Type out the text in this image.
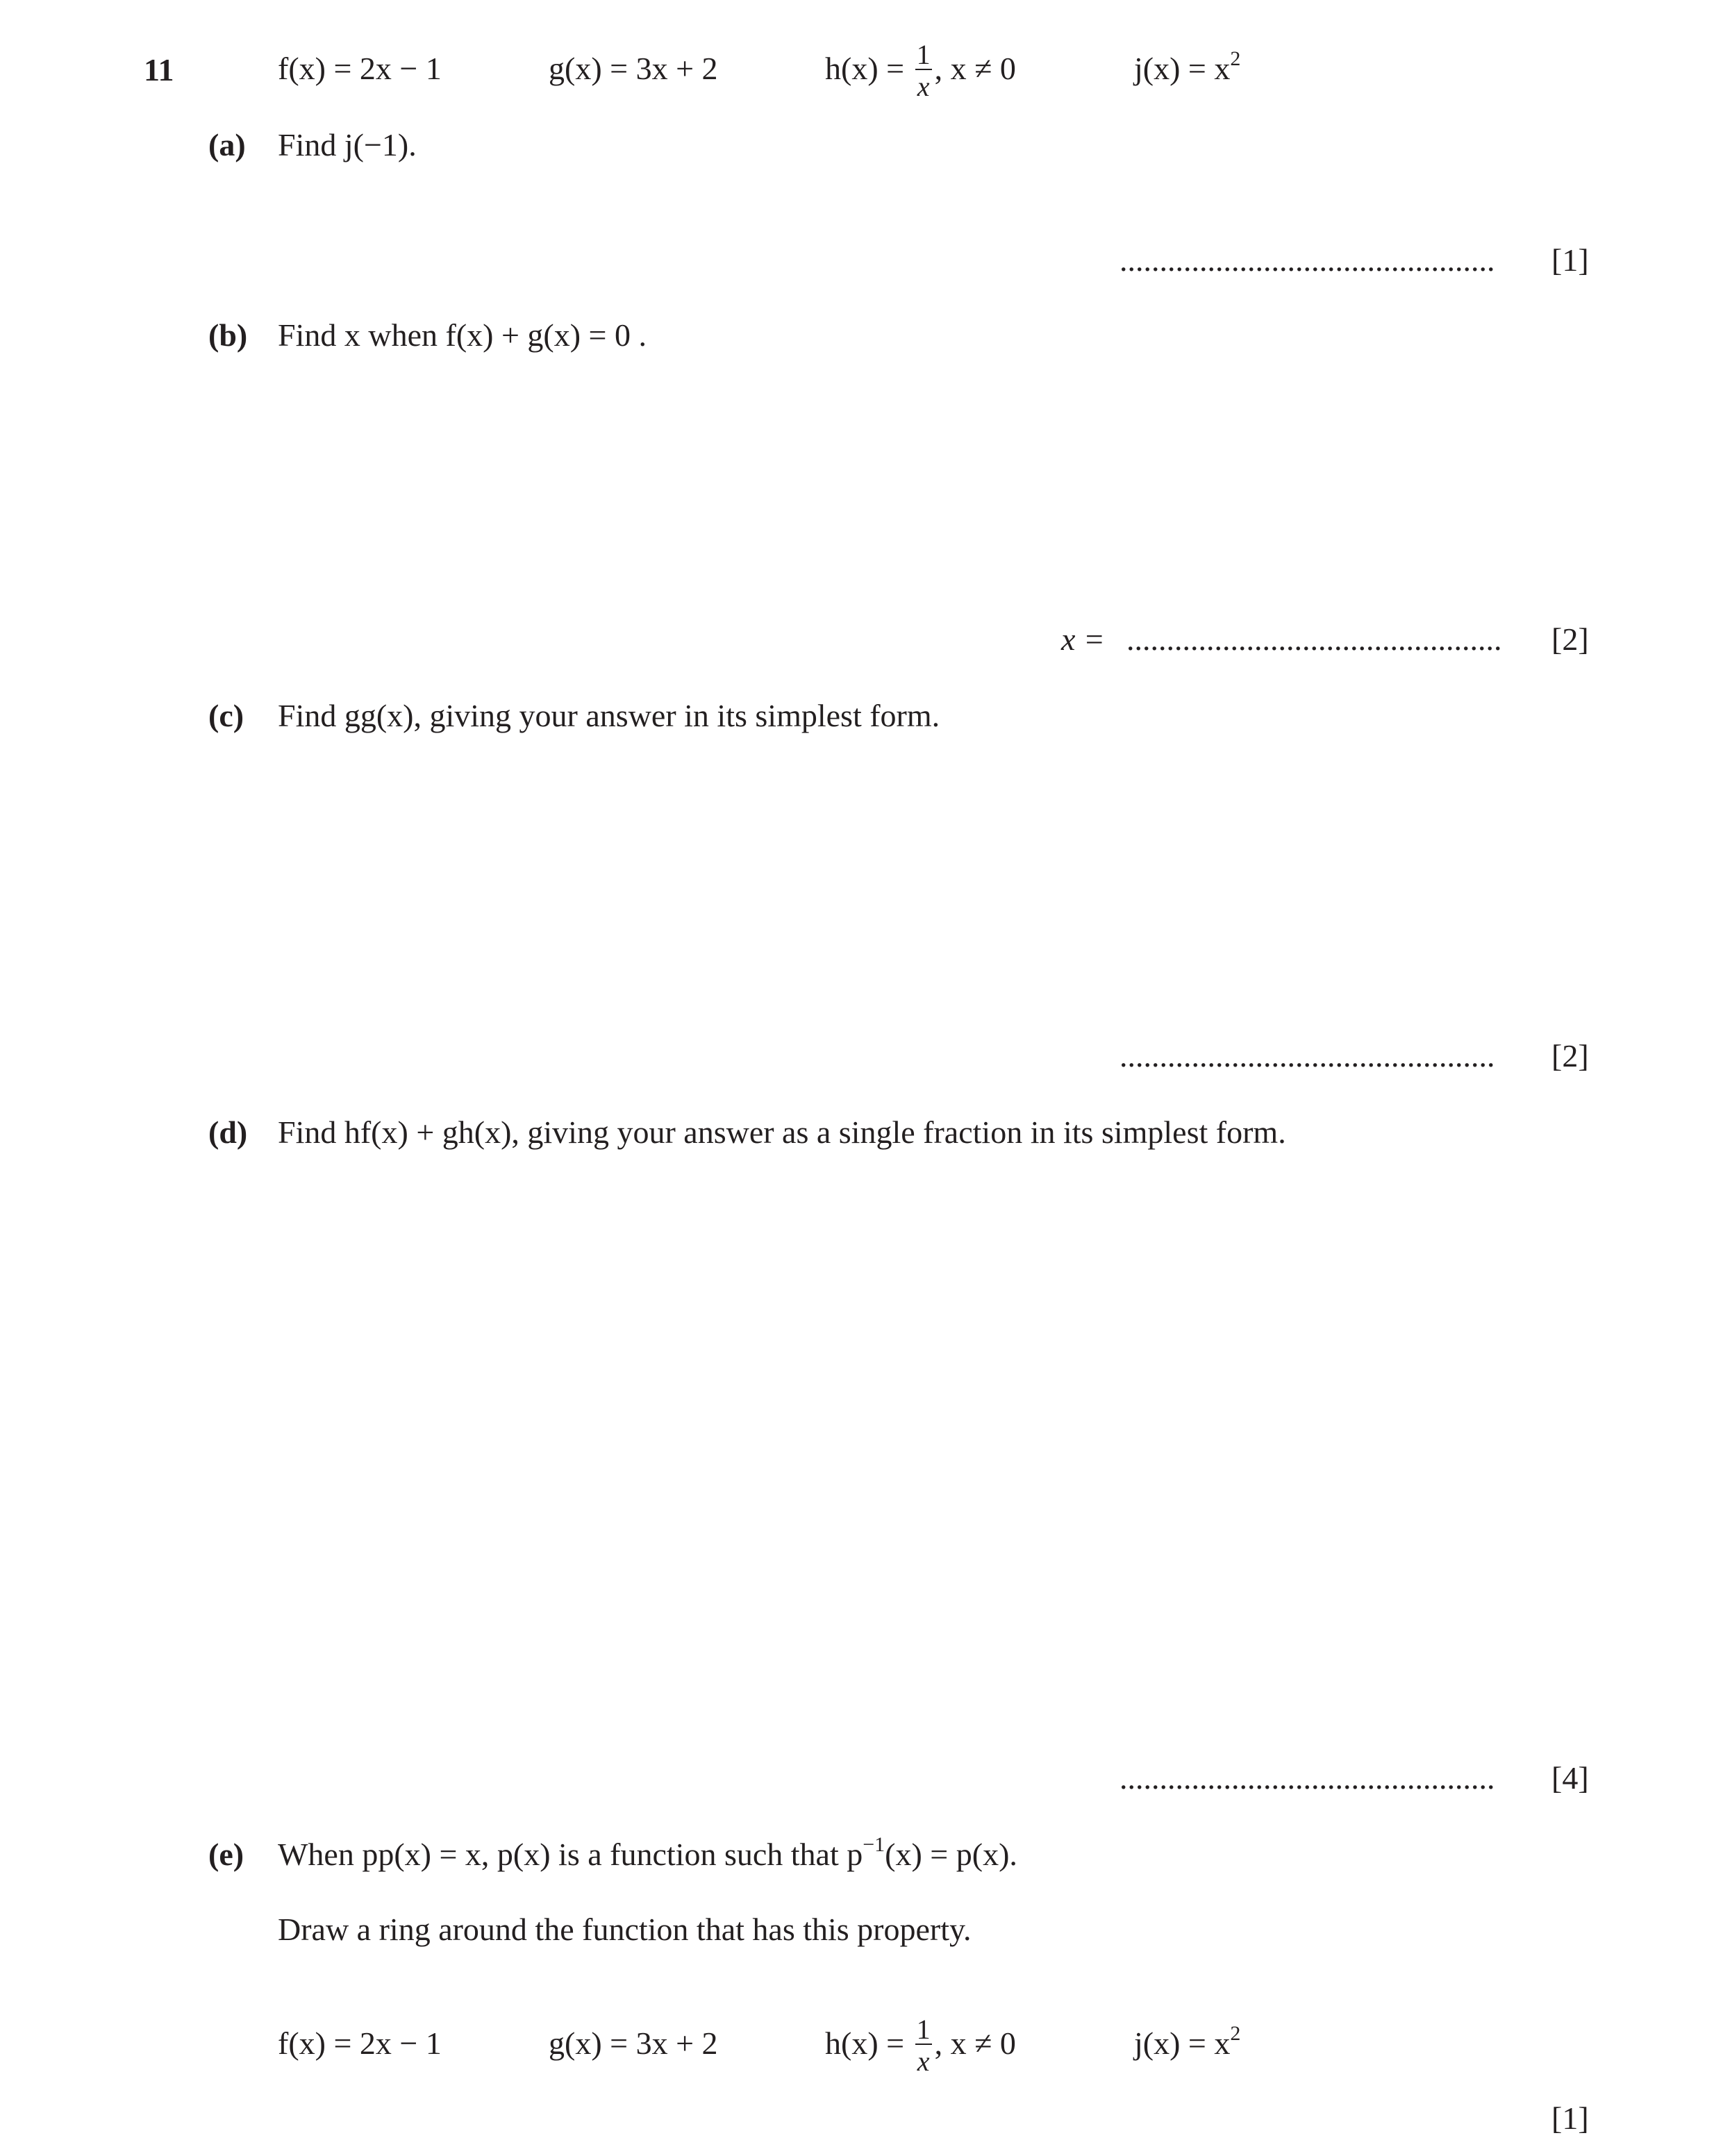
11	f(x) = 2x − 1	g(x) = 3x + 2	h(x) =
$\frac{1}{x}$
, x ≠ 0	$j(x) = x^2$
(a) Find j(−1).
............................................... [1]
(b) Find x when f(x) + g(x) = 0 .
x = ............................................... [2]
(c) Find gg(x), giving your answer in its simplest form.
............................................... [2]
(d) Find hf(x) + gh(x), giving your answer as a single fraction in its simplest form.
............................................... [4]
(e) When pp(x) = x, p(x) is a function such that $p^{-1}(x) = p(x)$.
Draw a ring around the function that has this property.
f(x) = 2x − 1	g(x) = 3x + 2	h(x) =
$\frac{1}{x}$
, x ≠ 0	$j(x) = x^2$
[1]
